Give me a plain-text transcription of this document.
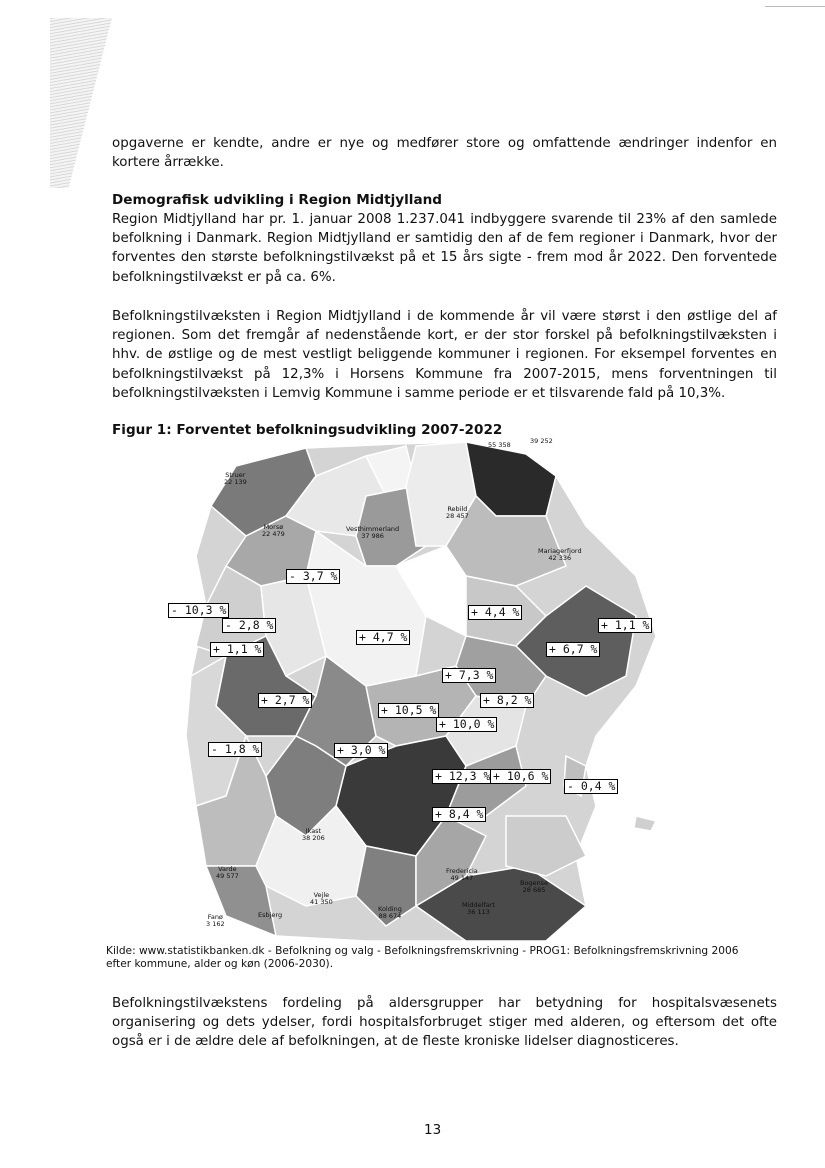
opgaverne er kendte, andre er nye og medfører store og omfattende ændringer indenfor en kortere årrække.

Demografisk udvikling i Region Midtjylland

Region Midtjylland har pr. 1. januar 2008 1.237.041 indbyggere svarende til 23% af den samlede befolkning i Danmark. Region Midtjylland er samtidig den af de fem regioner i Danmark, hvor der forventes den største befolkningstilvækst på et 15 års sigte - frem mod år 2022. Den forventede befolkningstilvækst er på ca. 6%.

Befolkningstilvæksten i Region Midtjylland i de kommende år vil være størst i den østlige del af regionen. Som det fremgår af nedenstående kort, er der stor forskel på befolkningstilvæksten i hhv. de østlige og de mest vestligt beliggende kommuner i regionen. For eksempel forventes en befolkningstilvækst på 12,3% i Horsens Kommune fra 2007-2015, mens forventningen til befolkningstilvæksten i Lemvig Kommune i samme periode er et tilsvarende fald på 10,3%.

Figur 1: Forventet befolkningsudvikling 2007-2022

Struer
22 139
Morsø
22 479
Mariagerfjord
42 336
Rebild
28 457
Vesthimmerland
37 986
Ikast
38 206
Varde
49 577
Vejle
41 350
Fanø
3 162
Fredericia
49 147
Middelfart
36 113
Bogense
28 685
Kolding
88 674
Esbjerg
39 252
55 358
- 3,7 %
- 10,3 %
- 2,8 %
+ 1,1 %
+ 4,7 %
+ 4,4 %
+ 1,1 %
+ 6,7 %
+ 7,3 %
+ 2,7 %
+ 10,5 %
+ 8,2 %
+ 10,0 %
- 1,8 %	+ 3,0 %
+ 12,3 % + 10,6 %
- 0,4 %
+ 8,4 %

Kilde: www.statistikbanken.dk - Befolkning og valg - Befolkningsfremskrivning - PROG1: Befolkningsfremskrivning 2006 efter kommune, alder og køn (2006-2030).

Befolkningstilvækstens fordeling på aldersgrupper har betydning for hospitalsvæsenets organisering og dets ydelser, fordi hospitalsforbruget stiger med alderen, og eftersom det ofte også er i de ældre dele af befolkningen, at de fleste kroniske lidelser diagnosticeres.

13
